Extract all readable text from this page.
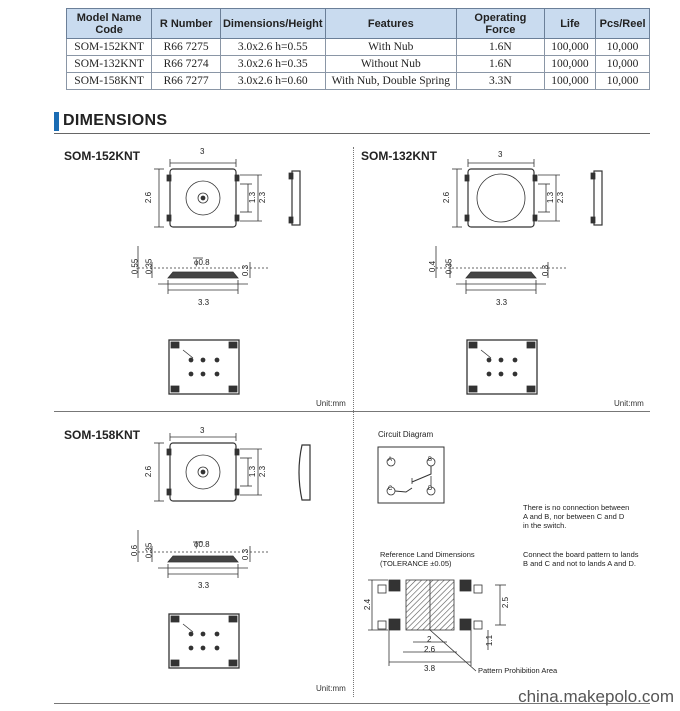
Model Name Code	R Number	Dimensions/Height	Features	Operating Force	Life	Pcs/Reel
SOM-152KNT	R66 7275	3.0x2.6 h=0.55	With Nub	1.6N	100,000	10,000
SOM-132KNT	R66 7274	3.0x2.6 h=0.35	Without Nub	1.6N	100,000	10,000
SOM-158KNT	R66 7277	3.0x2.6 h=0.60	With Nub, Double Spring	3.3N	100,000	10,000
DIMENSIONS
SOM-152KNT	SOM-132KNT
SOM-158KNT
3
2.6	1.3 2.3
ϕ0.8
3.3
0.55 0.35	0.3
Unit:mm
3
2.6	1.3 2.3
3.3
0.4 0.35	0.3
Unit:mm
3
2.6	1.3 2.3
ϕ0.8
3.3
0.6 0.35	0.3
Unit:mm
Circuit Diagram
A	B
C	D
There is no connection between
A and B, nor between C and D
in the switch.
Connect the board pattern to lands
B and C and not to lands A and D.
Reference Land Dimensions
(TOLERANCE ±0.05)
2.4	2.5
1.1
2
2.6
3.8	Pattern Prohibition Area
china.makepolo.com
